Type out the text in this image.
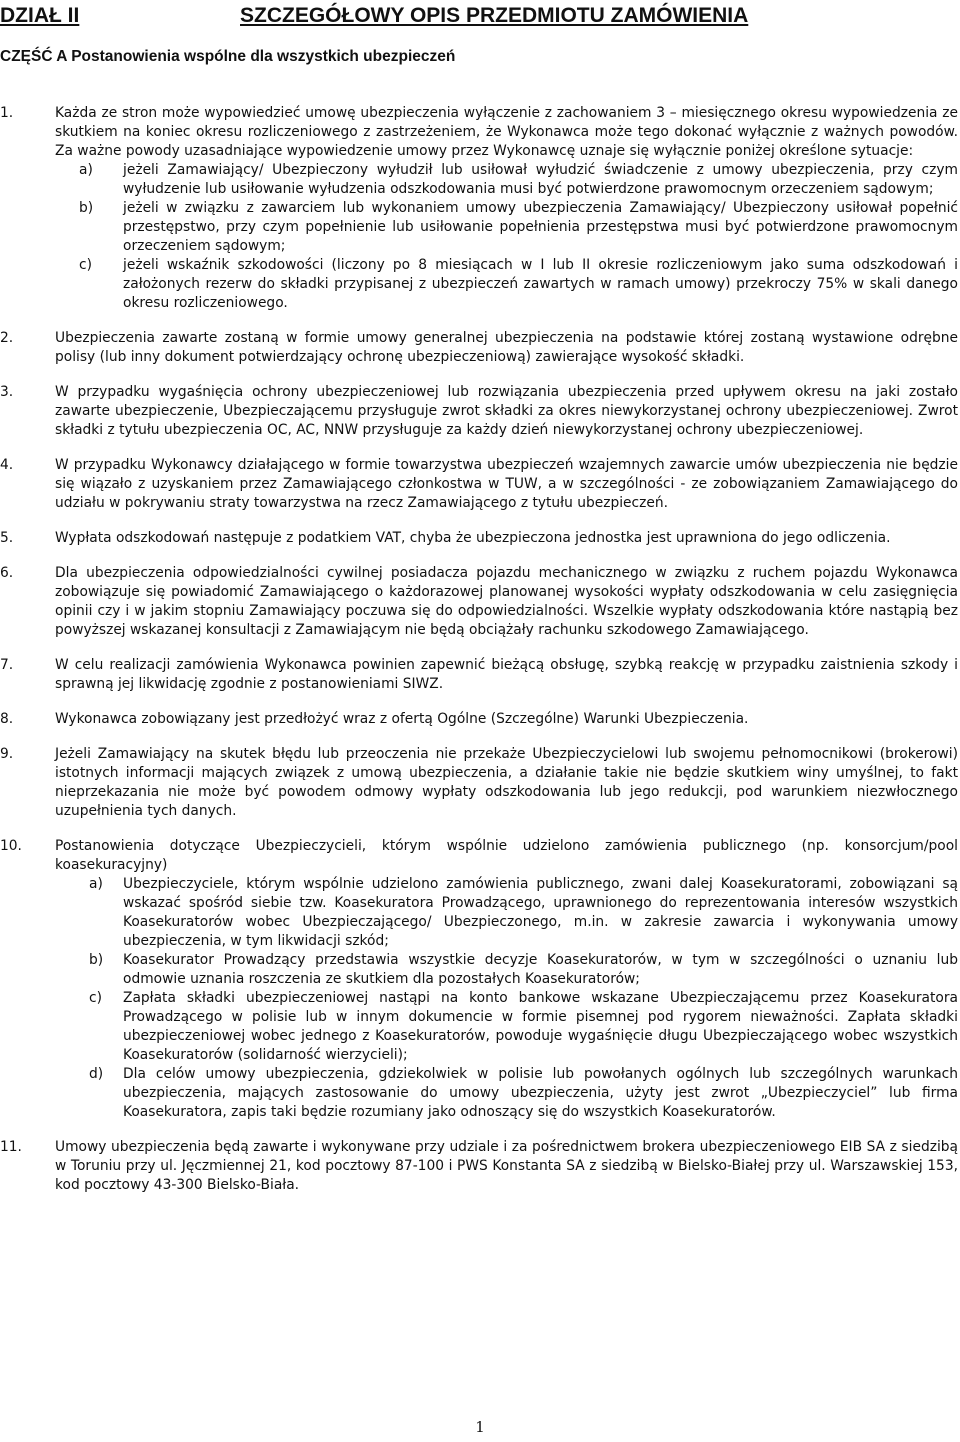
DZIAŁ II	SZCZEGÓŁOWY OPIS PRZEDMIOTU ZAMÓWIENIA
CZĘŚĆ A Postanowienia wspólne dla wszystkich ubezpieczeń
1.	Każda ze stron może wypowiedzieć umowę ubezpieczenia wyłączenie z zachowaniem 3 – miesięcznego okresu wypowiedzenia ze skutkiem na koniec okresu rozliczeniowego z zastrzeżeniem, że Wykonawca może tego dokonać wyłącznie z ważnych powodów. Za ważne powody uzasadniające wypowiedzenie umowy przez Wykonawcę uznaje się wyłącznie poniżej określone sytuacje:
a)	jeżeli Zamawiający/ Ubezpieczony wyłudził lub usiłował wyłudzić świadczenie z umowy ubezpieczenia, przy czym wyłudzenie lub usiłowanie wyłudzenia odszkodowania musi być potwierdzone prawomocnym orzeczeniem sądowym;
b)	jeżeli w związku z zawarciem lub wykonaniem umowy ubezpieczenia Zamawiający/ Ubezpieczony usiłował popełnić przestępstwo, przy czym popełnienie lub usiłowanie popełnienia przestępstwa musi być potwierdzone prawomocnym orzeczeniem sądowym;
c)	jeżeli wskaźnik szkodowości (liczony po 8 miesiącach w I lub II okresie rozliczeniowym jako suma odszkodowań i założonych rezerw do składki przypisanej z ubezpieczeń zawartych w ramach umowy) przekroczy 75% w skali danego okresu rozliczeniowego.
2.	Ubezpieczenia zawarte zostaną w formie umowy generalnej ubezpieczenia na podstawie której zostaną wystawione odrębne polisy (lub inny dokument potwierdzający ochronę ubezpieczeniową) zawierające wysokość składki.
3.	W przypadku wygaśnięcia ochrony ubezpieczeniowej lub rozwiązania ubezpieczenia przed upływem okresu na jaki zostało zawarte ubezpieczenie, Ubezpieczającemu przysługuje zwrot składki za okres niewykorzystanej ochrony ubezpieczeniowej. Zwrot składki z tytułu ubezpieczenia OC, AC, NNW przysługuje za każdy dzień niewykorzystanej ochrony ubezpieczeniowej.
4.	W przypadku Wykonawcy działającego w formie towarzystwa ubezpieczeń wzajemnych zawarcie umów ubezpieczenia nie będzie się wiązało z uzyskaniem przez Zamawiającego członkostwa w TUW, a w szczególności - ze zobowiązaniem Zamawiającego do udziału w pokrywaniu straty towarzystwa na rzecz Zamawiającego z tytułu ubezpieczeń.
5.	Wypłata odszkodowań następuje z podatkiem VAT, chyba że ubezpieczona jednostka jest uprawniona do jego odliczenia.
6.	Dla ubezpieczenia odpowiedzialności cywilnej posiadacza pojazdu mechanicznego w związku z ruchem pojazdu Wykonawca zobowiązuje się powiadomić Zamawiającego o każdorazowej planowanej wysokości wypłaty odszkodowania w celu zasięgnięcia opinii czy i w jakim stopniu Zamawiający poczuwa się do odpowiedzialności. Wszelkie wypłaty odszkodowania które nastąpią bez powyższej wskazanej konsultacji z Zamawiającym nie będą obciążały rachunku szkodowego Zamawiającego.
7.	W celu realizacji zamówienia Wykonawca powinien zapewnić bieżącą obsługę, szybką reakcję w przypadku zaistnienia szkody i sprawną jej likwidację zgodnie z postanowieniami SIWZ.
8.	Wykonawca zobowiązany jest przedłożyć wraz z ofertą Ogólne (Szczególne) Warunki Ubezpieczenia.
9.	Jeżeli Zamawiający na skutek błędu lub przeoczenia nie przekaże Ubezpieczycielowi lub swojemu pełnomocnikowi (brokerowi) istotnych informacji mających związek z umową ubezpieczenia, a działanie takie nie będzie skutkiem winy umyślnej, to fakt nieprzekazania nie może być powodem odmowy wypłaty odszkodowania lub jego redukcji, pod warunkiem niezwłocznego uzupełnienia tych danych.
10.	Postanowienia dotyczące Ubezpieczycieli, którym wspólnie udzielono zamówienia publicznego (np. konsorcjum/pool koasekuracyjny)
a)	Ubezpieczyciele, którym wspólnie udzielono zamówienia publicznego, zwani dalej Koasekuratorami, zobowiązani są wskazać spośród siebie tzw. Koasekuratora Prowadzącego, uprawnionego do reprezentowania interesów wszystkich Koasekuratorów wobec Ubezpieczającego/ Ubezpieczonego, m.in. w zakresie zawarcia i wykonywania umowy ubezpieczenia, w tym likwidacji szkód;
b)	Koasekurator Prowadzący przedstawia wszystkie decyzje Koasekuratorów, w tym w szczególności o uznaniu lub odmowie uznania roszczenia ze skutkiem dla pozostałych Koasekuratorów;
c)	Zapłata składki ubezpieczeniowej nastąpi na konto bankowe wskazane Ubezpieczającemu przez Koasekuratora Prowadzącego w polisie lub w innym dokumencie w formie pisemnej pod rygorem nieważności. Zapłata składki ubezpieczeniowej wobec jednego z Koasekuratorów, powoduje wygaśnięcie długu Ubezpieczającego wobec wszystkich Koasekuratorów (solidarność wierzycieli);
d)	Dla celów umowy ubezpieczenia, gdziekolwiek w polisie lub powołanych ogólnych lub szczególnych warunkach ubezpieczenia, mających zastosowanie do umowy ubezpieczenia, użyty jest zwrot „Ubezpieczyciel” lub firma Koasekuratora, zapis taki będzie rozumiany jako odnoszący się do wszystkich Koasekuratorów.
11.	Umowy ubezpieczenia będą zawarte i wykonywane przy udziale i za pośrednictwem brokera ubezpieczeniowego EIB SA z siedzibą w Toruniu przy ul. Jęczmiennej 21, kod pocztowy 87-100 i PWS Konstanta SA z siedzibą w Bielsko-Białej przy ul. Warszawskiej 153, kod pocztowy 43-300 Bielsko-Biała.
1
